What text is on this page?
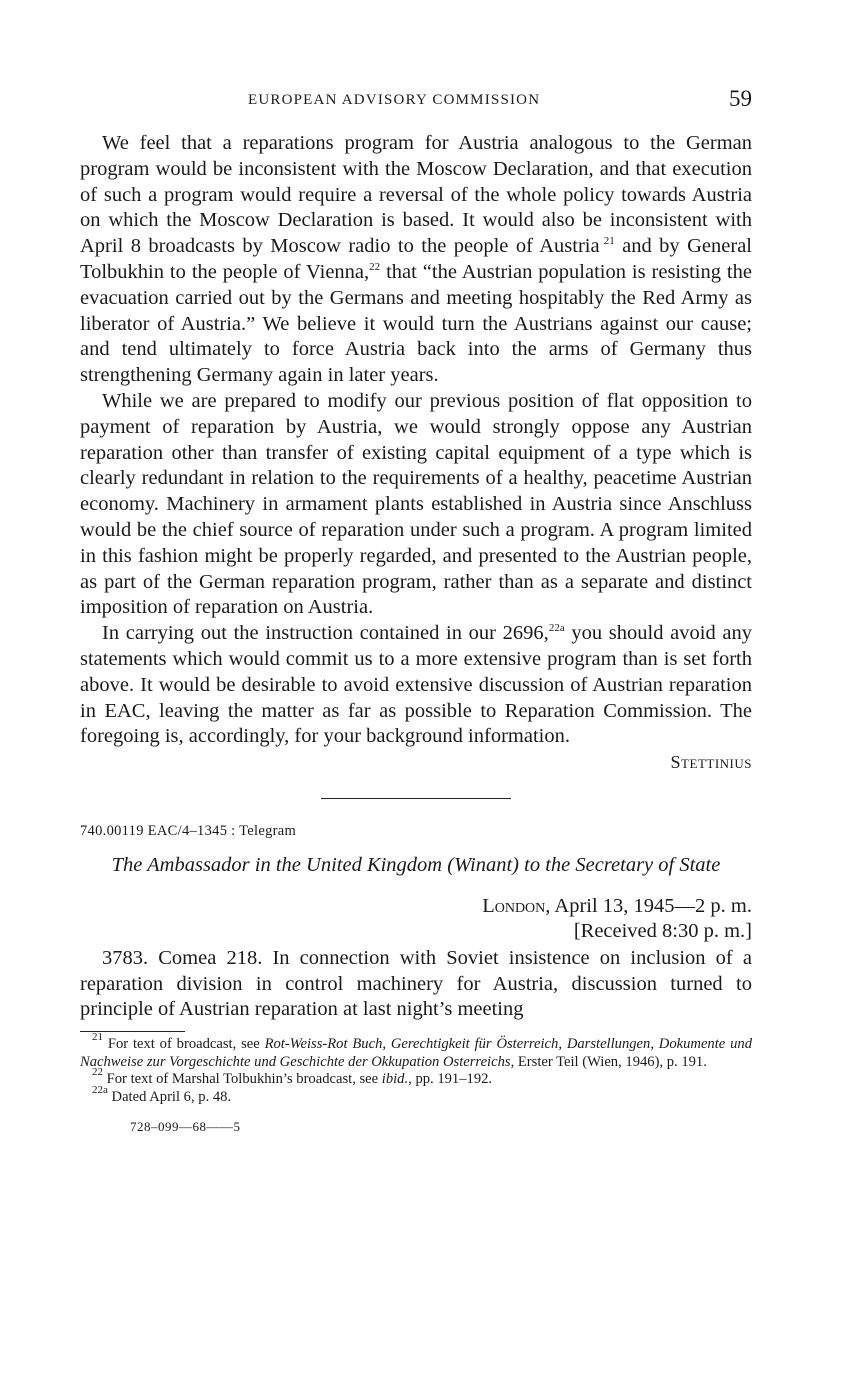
EUROPEAN ADVISORY COMMISSION	59

We feel that a reparations program for Austria analogous to the German program would be inconsistent with the Moscow Declaration, and that execution of such a program would require a reversal of the whole policy towards Austria on which the Moscow Declaration is based. It would also be inconsistent with April 8 broadcasts by Moscow radio to the people of Austria  $^{21}$ and by General Tolbukhin to the people of Vienna,$^{22}$ that “the Austrian population is resisting the evacuation carried out by the Germans and meeting hospitably the Red Army as liberator of Austria.” We believe it would turn the Austrians against our cause; and tend ultimately to force Austria back into the arms of Germany thus strengthening Germany again in later years.

While we are prepared to modify our previous position of flat opposition to payment of reparation by Austria, we would strongly oppose any Austrian reparation other than transfer of existing capital equipment of a type which is clearly redundant in relation to the requirements of a healthy, peacetime Austrian economy. Machinery in armament plants established in Austria since Anschluss would be the chief source of reparation under such a program. A program limited in this fashion might be properly regarded, and presented to the Austrian people, as part of the German reparation program, rather than as a separate and distinct imposition of reparation on Austria.

In carrying out the instruction contained in our 2696,$^{22a}$ you should avoid any statements which would commit us to a more extensive program than is set forth above. It would be desirable to avoid extensive discussion of Austrian reparation in EAC, leaving the matter as far as possible to Reparation Commission. The foregoing is, accordingly, for your background information.

Stettinius
740.00119 EAC/4–1345 : Telegram
The Ambassador in the United Kingdom (Winant) to the Secretary of State
London, April 13, 1945—2 p. m.
[Received 8:30 p. m.]

3783. Comea 218. In connection with Soviet insistence on inclusion of a reparation division in control machinery for Austria, discussion turned to principle of Austrian reparation at last night’s meeting

$^{21}$ For text of broadcast, see Rot-Weiss-Rot Buch, Gerechtigkeit für Österreich, Darstellungen, Dokumente und Nachweise zur Vorgeschichte und Geschichte der Okkupation Osterreichs, Erster Teil (Wien, 1946), p. 191.

$^{22}$ For text of Marshal Tolbukhin’s broadcast, see ibid., pp. 191–192.

$^{22a}$ Dated April 6, p. 48.

728–099—68——5
